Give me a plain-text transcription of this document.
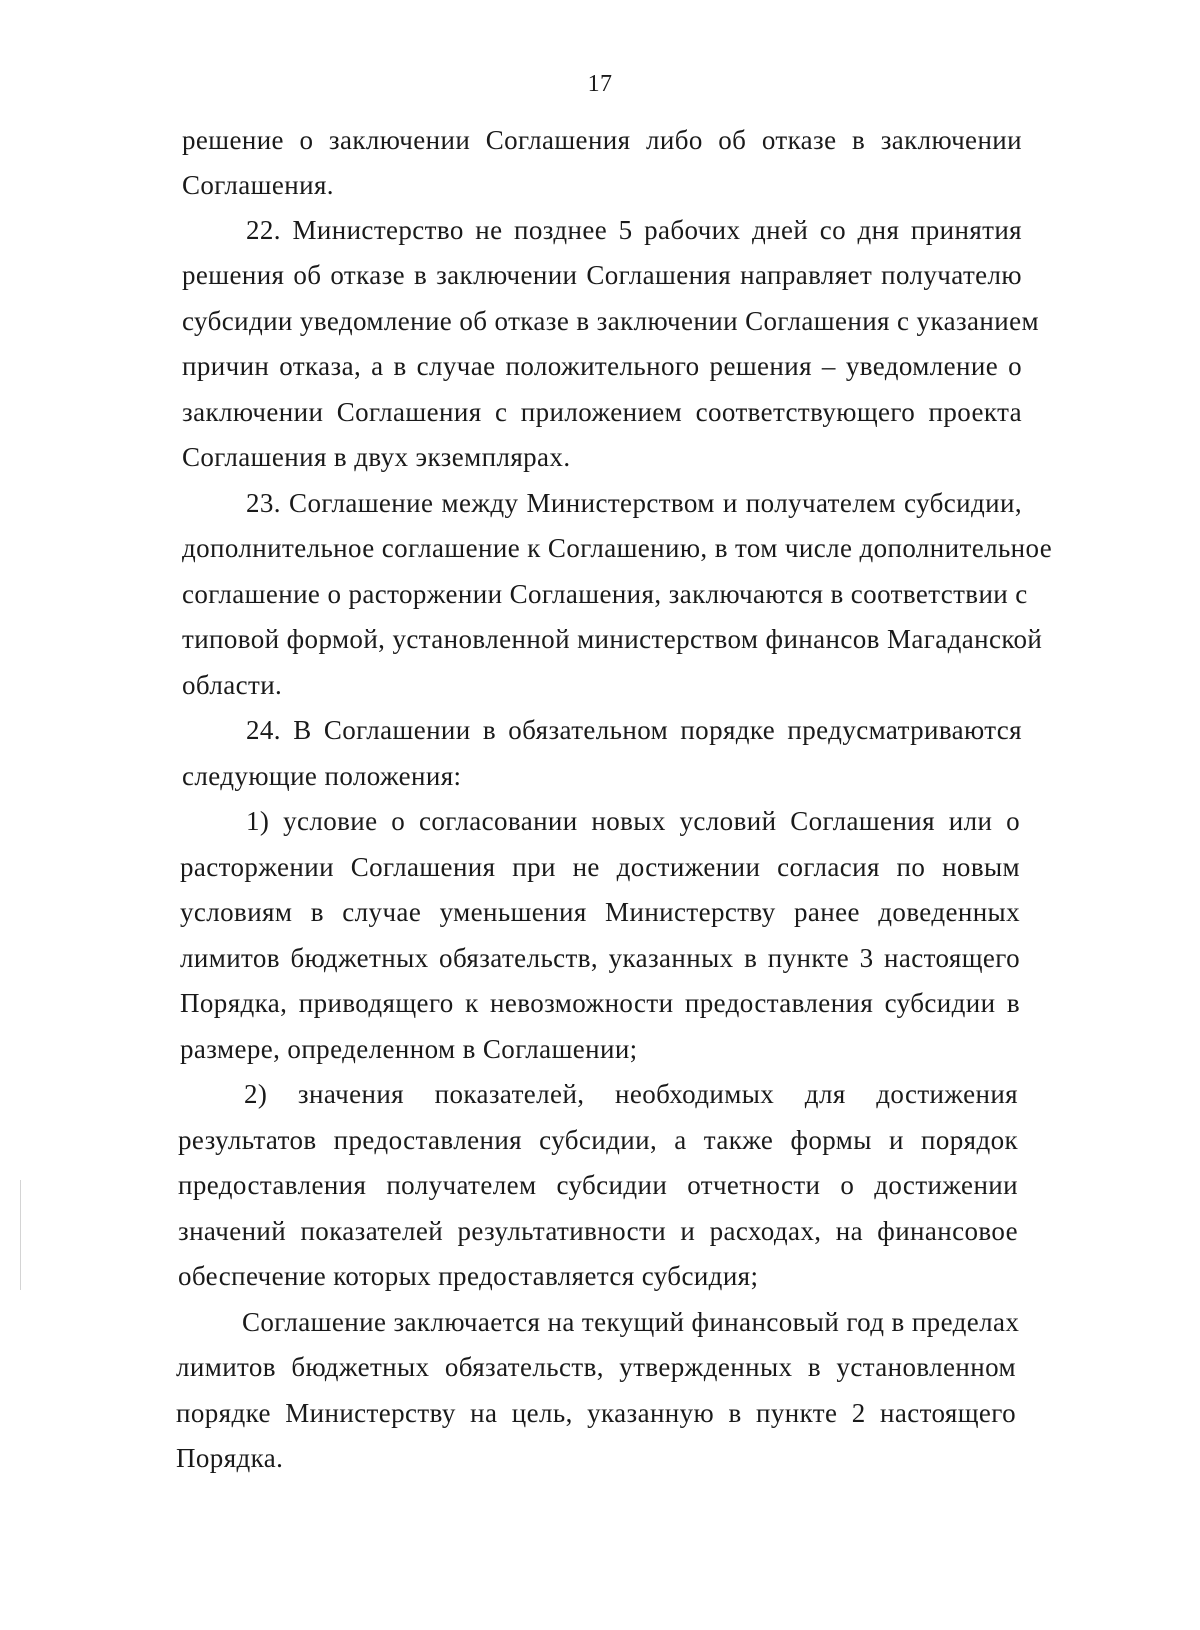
17
решение о заключении Соглашения либо об отказе в заключении
Соглашения.
22. Министерство не позднее 5 рабочих дней со дня принятия
решения об отказе в заключении Соглашения направляет получателю
субсидии уведомление об отказе в заключении Соглашения с указанием
причин отказа, а в случае положительного решения – уведомление о
заключении Соглашения с приложением соответствующего проекта
Соглашения в двух экземплярах.
23. Соглашение между Министерством и получателем субсидии,
дополнительное соглашение к Соглашению, в том числе дополнительное
соглашение о расторжении Соглашения, заключаются в соответствии с
типовой формой, установленной министерством финансов Магаданской
области.
24. В Соглашении в обязательном порядке предусматриваются
следующие положения:
1) условие о согласовании новых условий Соглашения или о
расторжении Соглашения при не достижении согласия по новым
условиям в случае уменьшения Министерству ранее доведенных
лимитов бюджетных обязательств, указанных в пункте 3 настоящего
Порядка, приводящего к невозможности предоставления субсидии в
размере, определенном в Соглашении;
2) значения показателей, необходимых для достижения
результатов предоставления субсидии, а также формы и порядок
предоставления получателем субсидии отчетности о достижении
значений показателей результативности и расходах, на финансовое
обеспечение которых предоставляется субсидия;
Соглашение заключается на текущий финансовый год в пределах
лимитов бюджетных обязательств, утвержденных в установленном
порядке Министерству на цель, указанную в пункте 2 настоящего
Порядка.
